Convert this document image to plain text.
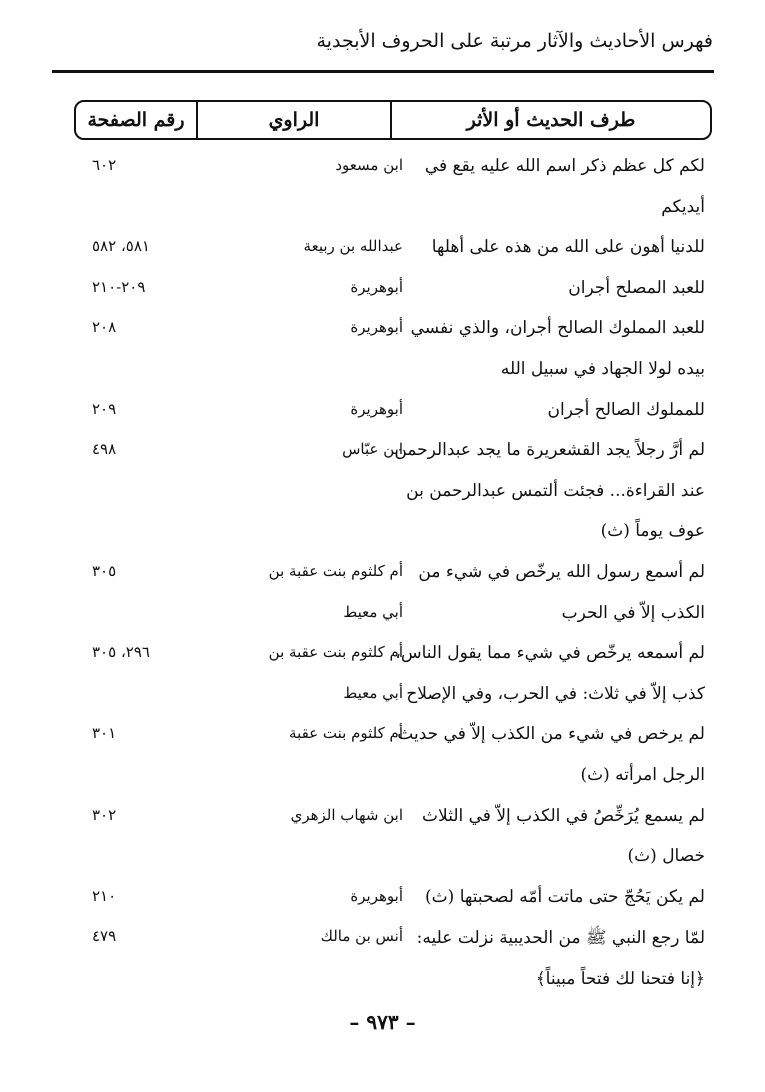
فهرس الأحاديث والآثار مرتبة على الحروف الأبجدية
طرف الحديث أو الأثر
الراوي
رقم الصفحة
لكم كل عظم ذكر اسم الله عليه يقع في
ابن مسعود
٦٠٢
أيديكم
للدنيا أهون على الله من هذه على أهلها
عبدالله بن ربيعة
٥٨١، ٥٨٢
للعبد المصلح أجران
أبوهريرة
٢٠٩-٢١٠
للعبد المملوك الصالح أجران، والذي نفسي
أبوهريرة
٢٠٨
بيده لولا الجهاد في سبيل الله
للمملوك الصالح أجران
أبوهريرة
٢٠٩
لم أرَّ رجلاً يجد القشعريرة ما يجد عبدالرحمن
ابن عبّاس
٤٩٨
عند القراءة... فجئت ألتمس عبدالرحمن بن
عوف يوماً (ث)
لم أسمع رسول الله يرخّص في شيء من
أم كلثوم بنت عقبة بن
٣٠٥
الكذب إلاّ في الحرب
أبي معيط
لم أسمعه يرخّص في شيء مما يقول الناس،
أم كلثوم بنت عقبة بن
٢٩٦، ٣٠٥
كذب إلاّ في ثلاث: في الحرب، وفي الإصلاح
أبي معيط
لم يرخص في شيء من الكذب إلاّ في حديث
أم كلثوم بنت عقبة
٣٠١
الرجل امرأته (ث)
لم يسمع يُرَخِّصُ في الكذب إلاّ في الثلاث
ابن شهاب الزهري
٣٠٢
خصال (ث)
لم يكن يَحُجّ حتى ماتت أمّه لصحبتها (ث)
أبوهريرة
٢١٠
لمّا رجع النبي ﷺ من الحديبية نزلت عليه:
أنس بن مالك
٤٧٩
﴿إنا فتحنا لك فتحاً مبيناً﴾
– ٩٧٣ –
